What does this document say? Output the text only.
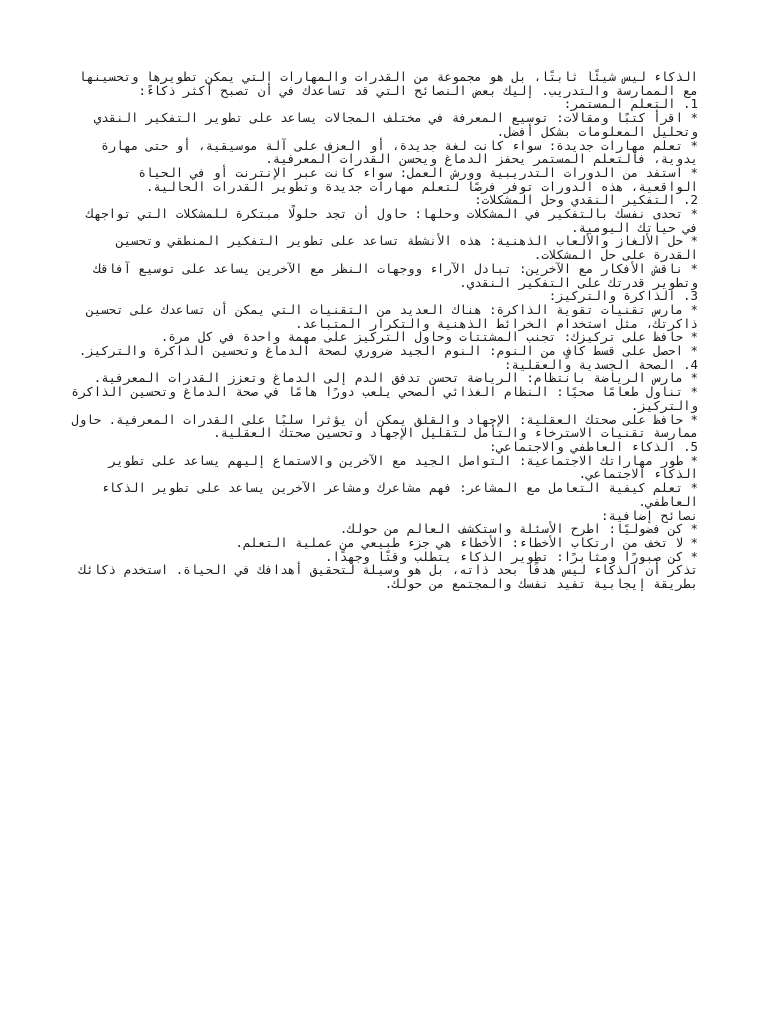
الذكاء ليس شيئًا ثابتًا، بل هو مجموعة من القدرات والمهارات التي يمكن تطويرها وتحسينها مع الممارسة والتدريب. إليك بعض النصائح التي قد تساعدك في أن تصبح أكثر ذكاءً:
1. التعلم المستمر:
* اقرأ كتبًا ومقالات: توسيع المعرفة في مختلف المجالات يساعد على تطوير التفكير النقدي وتحليل المعلومات بشكل أفضل.
* تعلم مهارات جديدة: سواء كانت لغة جديدة، أو العزف على آلة موسيقية، أو حتى مهارة يدوية، فالتعلم المستمر يحفز الدماغ ويحسن القدرات المعرفية.
* استفد من الدورات التدريبية وورش العمل: سواء كانت عبر الإنترنت أو في الحياة الواقعية، هذه الدورات توفر فرصًا لتعلم مهارات جديدة وتطوير القدرات الحالية.
2. التفكير النقدي وحل المشكلات:
* تحدى نفسك بالتفكير في المشكلات وحلها: حاول أن تجد حلولًا مبتكرة للمشكلات التي تواجهك في حياتك اليومية.
* حل الألغاز والألعاب الذهنية: هذه الأنشطة تساعد على تطوير التفكير المنطقي وتحسين القدرة على حل المشكلات.
* ناقش الأفكار مع الآخرين: تبادل الآراء ووجهات النظر مع الآخرين يساعد على توسيع آفاقك وتطوير قدرتك على التفكير النقدي.
3. الذاكرة والتركيز:
* مارس تقنيات تقوية الذاكرة: هناك العديد من التقنيات التي يمكن أن تساعدك على تحسين ذاكرتك، مثل استخدام الخرائط الذهنية والتكرار المتباعد.
* حافظ على تركيزك: تجنب المشتتات وحاول التركيز على مهمة واحدة في كل مرة.
* احصل على قسط كافٍ من النوم: النوم الجيد ضروري لصحة الدماغ وتحسين الذاكرة والتركيز.
4. الصحة الجسدية والعقلية:
* مارس الرياضة بانتظام: الرياضة تحسن تدفق الدم إلى الدماغ وتعزز القدرات المعرفية.
* تناول طعامًا صحيًا: النظام الغذائي الصحي يلعب دورًا هامًا في صحة الدماغ وتحسين الذاكرة والتركيز.
* حافظ على صحتك العقلية: الإجهاد والقلق يمكن أن يؤثرا سلبًا على القدرات المعرفية. حاول ممارسة تقنيات الاسترخاء والتأمل لتقليل الإجهاد وتحسين صحتك العقلية.
5. الذكاء العاطفي والاجتماعي:
* طور مهاراتك الاجتماعية: التواصل الجيد مع الآخرين والاستماع إليهم يساعد على تطوير الذكاء الاجتماعي.
* تعلم كيفية التعامل مع المشاعر: فهم مشاعرك ومشاعر الآخرين يساعد على تطوير الذكاء العاطفي.
نصائح إضافية:
* كن فضوليًا: اطرح الأسئلة واستكشف العالم من حولك.
* لا تخف من ارتكاب الأخطاء: الأخطاء هي جزء طبيعي من عملية التعلم.
* كن صبورًا ومثابرًا: تطوير الذكاء يتطلب وقتًا وجهدًا.
تذكر أن الذكاء ليس هدفًا بحد ذاته، بل هو وسيلة لتحقيق أهدافك في الحياة. استخدم ذكائك بطريقة إيجابية تفيد نفسك والمجتمع من حولك.
